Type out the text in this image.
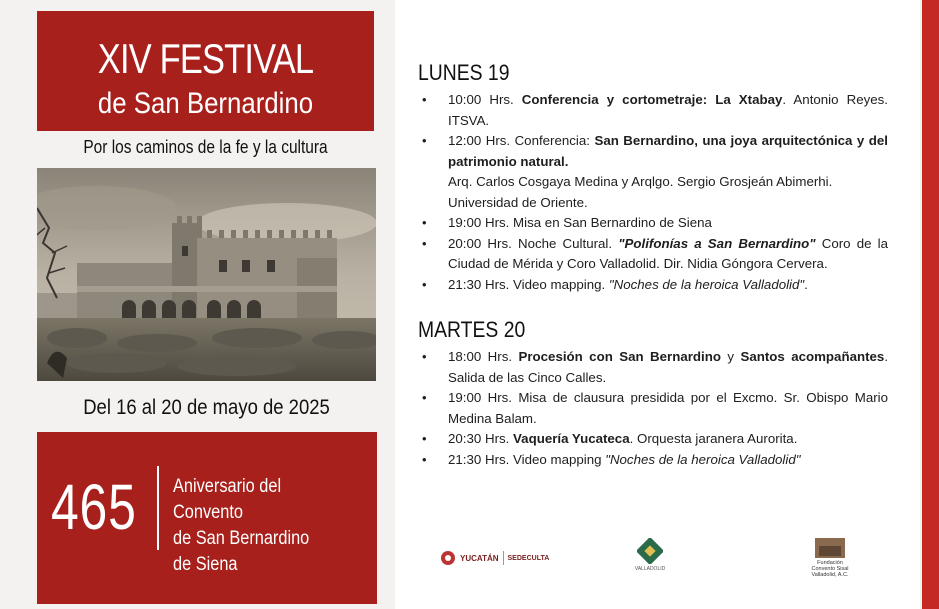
XIV FESTIVAL
de San Bernardino
Por los caminos de la fe y la cultura
Del 16 al 20 de mayo de 2025
465 Aniversario del Convento
de San Bernardino
de Siena
LUNES 19
• 10:00 Hrs. Conferencia y cortometraje: La Xtabay. Antonio Reyes. ITSVA.
• 12:00 Hrs. Conferencia: San Bernardino, una joya arquitectónica y del patrimonio natural.
Arq. Carlos Cosgaya Medina y Arqlgo. Sergio Grosjeán Abimerhi.
Universidad de Oriente.
• 19:00 Hrs. Misa en San Bernardino de Siena
• 20:00 Hrs. Noche Cultural. "Polifonías a San Bernardino" Coro de la Ciudad de Mérida y Coro Valladolid. Dir. Nidia Góngora Cervera.
• 21:30 Hrs. Video mapping. "Noches de la heroica Valladolid".
MARTES 20
• 18:00 Hrs. Procesión con San Bernardino y Santos acompañantes. Salida de las Cinco Calles.
• 19:00 Hrs. Misa de clausura presidida por el Excmo. Sr. Obispo Mario Medina Balam.
• 20:30 Hrs. Vaquería Yucateca. Orquesta jaranera Aurorita.
• 21:30 Hrs. Video mapping "Noches de la heroica Valladolid"
YUCATÁN SEDECULTA
VALLADOLID
Fundación
Convento Sisal
Valladolid, A.C.
